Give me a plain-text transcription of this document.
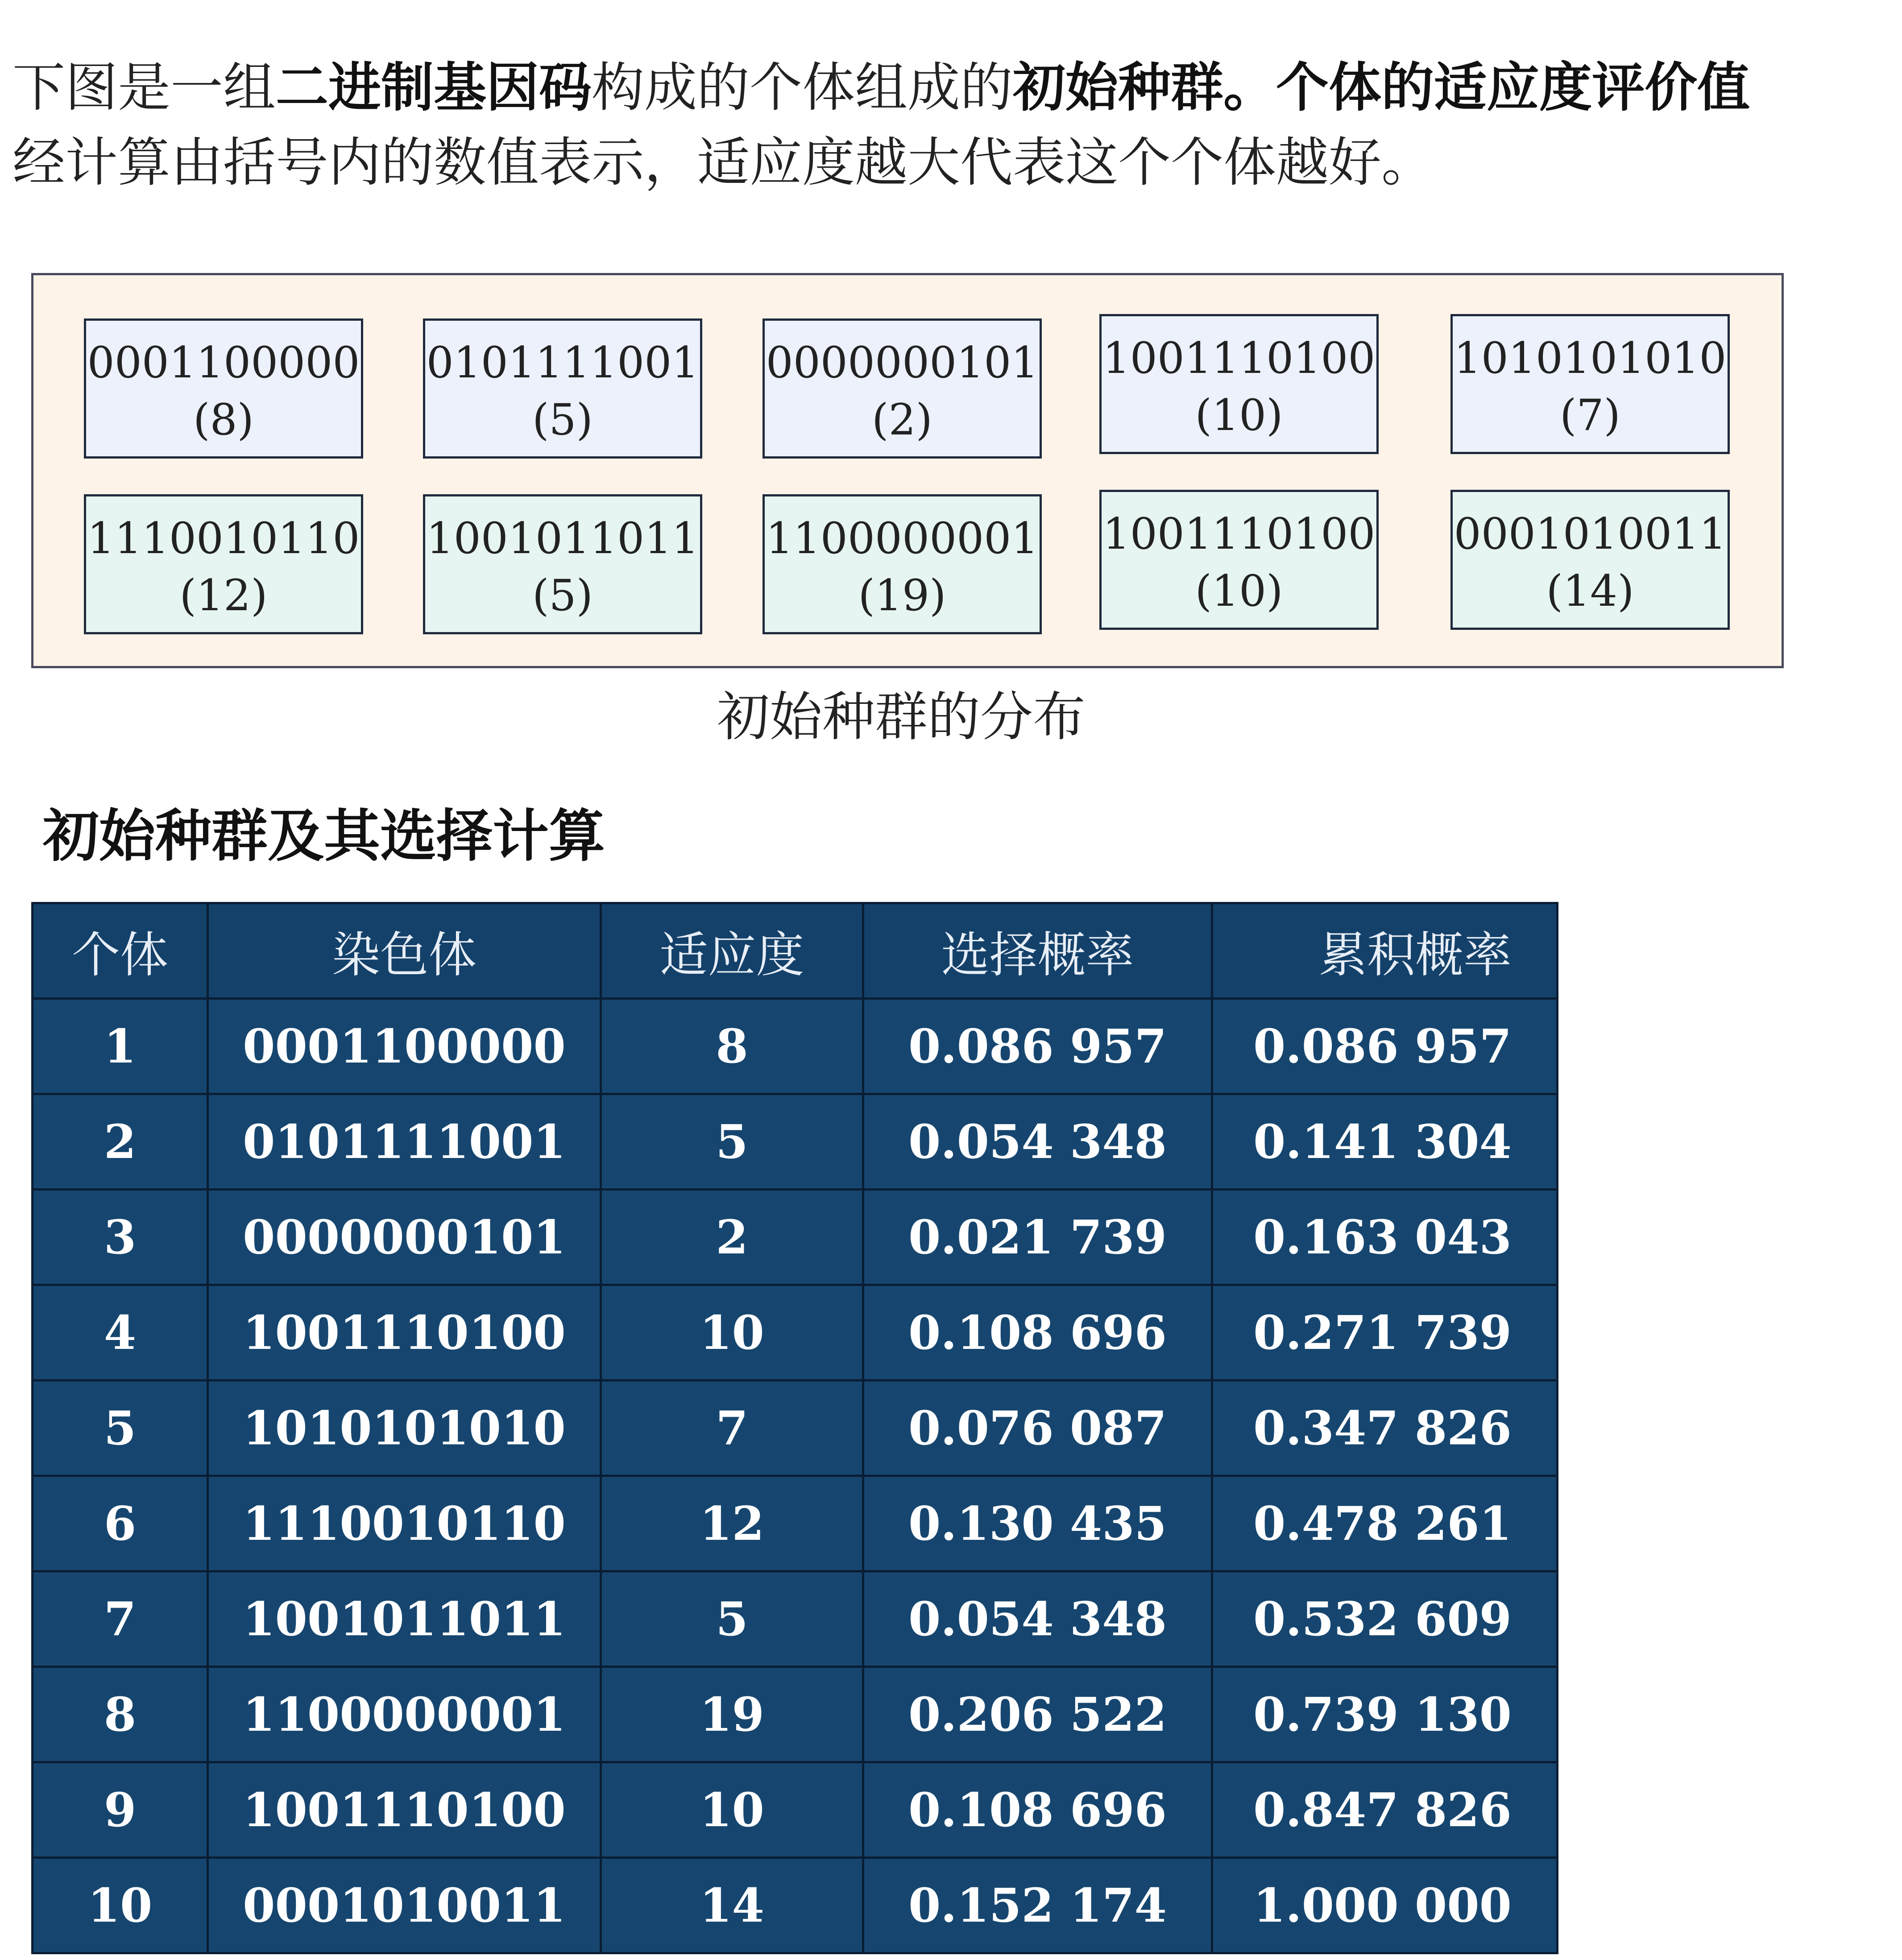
下图是一组二进制基因码构成的个体组成的初始种群。个体的适应度评价值
经计算由括号内的数值表示，适应度越大代表这个个体越好。

0001100000
(8)
0101111001
(5)
0000000101
(2)
1001110100
(10)
1010101010
(7)
1110010110
(12)
1001011011
(5)
1100000001
(19)
1001110100
(10)
0001010011
(14)
初始种群的分布
初始种群及其选择计算
个体	染色体	适应度	选择概率	累积概率
1	0001100000	8	0.086 957	0.086 957
2	0101111001	5	0.054 348	0.141 304
3	0000000101	2	0.021 739	0.163 043
4	1001110100	10	0.108 696	0.271 739
5	1010101010	7	0.076 087	0.347 826
6	1110010110	12	0.130 435	0.478 261
7	1001011011	5	0.054 348	0.532 609
8	1100000001	19	0.206 522	0.739 130
9	1001110100	10	0.108 696	0.847 826
10	0001010011	14	0.152 174	1.000 000
